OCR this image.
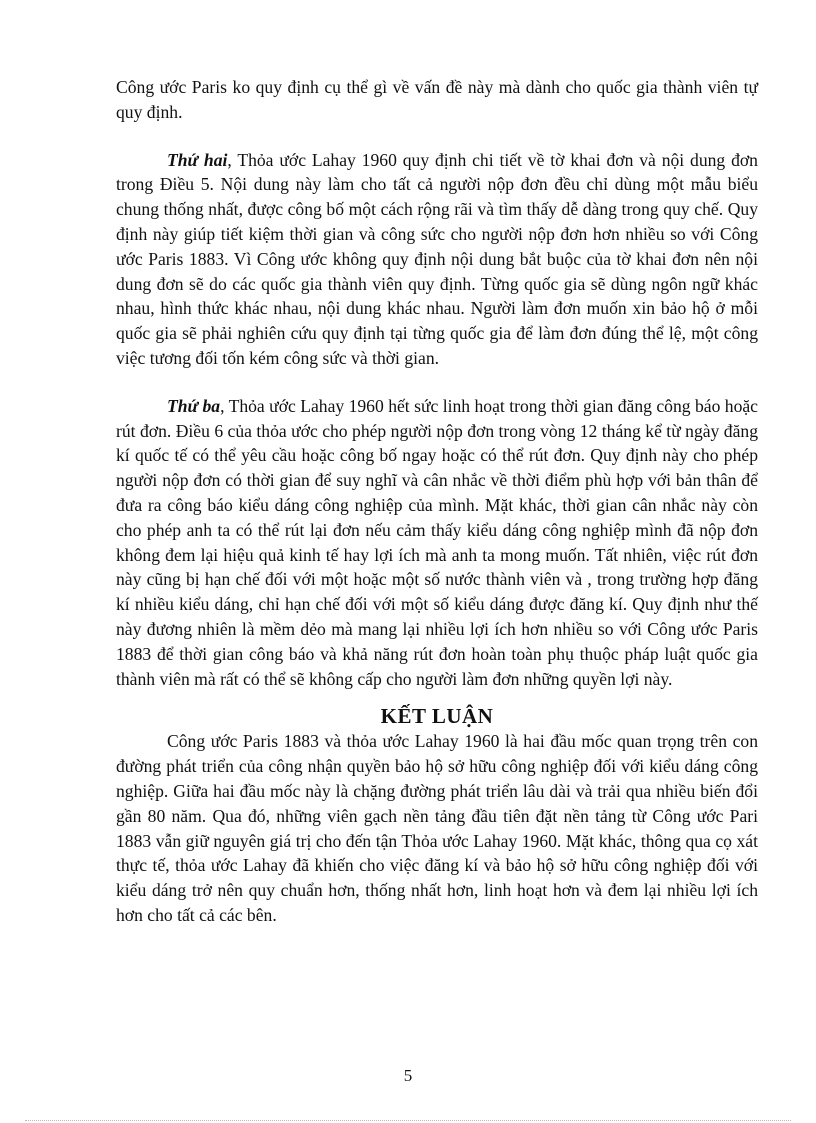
Công ước Paris ko quy định cụ thể gì về vấn đề này mà dành cho quốc gia thành viên tự quy định.

Thứ hai, Thỏa ước Lahay 1960 quy định chi tiết về tờ khai đơn và nội dung đơn trong Điều 5. Nội dung này làm cho tất cả người nộp đơn đều chỉ dùng một mẫu biểu chung thống nhất, được công bố một cách rộng rãi và tìm thấy dễ dàng trong quy chế. Quy định này giúp tiết kiệm thời gian và công sức cho người nộp đơn hơn nhiều so với Công ước Paris 1883. Vì Công ước không quy định nội dung bắt buộc của tờ khai đơn nên nội dung đơn sẽ do các quốc gia thành viên quy định. Từng quốc gia sẽ dùng ngôn ngữ khác nhau, hình thức khác nhau, nội dung khác nhau. Người làm đơn muốn xin bảo hộ ở mỗi quốc gia sẽ phải nghiên cứu quy định tại từng quốc gia để làm đơn đúng thể lệ, một công việc tương đối tốn kém công sức và thời gian.

Thứ ba, Thỏa ước Lahay 1960 hết sức linh hoạt trong thời gian đăng công báo hoặc rút đơn. Điều 6 của thỏa ước cho phép người nộp đơn trong vòng 12 tháng kể từ ngày đăng kí quốc tế có thể yêu cầu hoặc công bố ngay hoặc có thể rút đơn. Quy định này cho phép người nộp đơn có thời gian để suy nghĩ và cân nhắc về thời điểm phù hợp với bản thân để đưa ra công báo kiểu dáng công nghiệp của mình. Mặt khác, thời gian cân nhắc này còn cho phép anh ta có thể rút lại đơn nếu cảm thấy kiểu dáng công nghiệp mình đã nộp đơn không đem lại hiệu quả kinh tế hay lợi ích mà anh ta mong muốn. Tất nhiên, việc rút đơn này cũng bị hạn chế đối với một hoặc một số nước thành viên và , trong trường hợp đăng kí nhiều kiểu dáng, chỉ hạn chế đối với một số kiểu dáng được đăng kí. Quy định như thế này đương nhiên là mềm dẻo mà mang lại nhiều lợi ích hơn nhiều so với Công ước Paris 1883 để thời gian công báo và khả năng rút đơn hoàn toàn phụ thuộc pháp luật quốc gia thành viên mà rất có thể sẽ không cấp cho người làm đơn những quyền lợi này.

KẾT LUẬN

Công ước Paris 1883 và thỏa ước Lahay 1960 là hai đầu mốc quan trọng trên con đường phát triển của công nhận quyền bảo hộ sở hữu công nghiệp đối với kiểu dáng công nghiệp. Giữa hai đầu mốc này là chặng đường phát triển lâu dài và trải qua nhiều biến đổi gần 80 năm. Qua đó, những viên gạch nền tảng đầu tiên đặt nền tảng từ Công ước Pari 1883 vẫn giữ nguyên giá trị cho đến tận Thỏa ước Lahay 1960. Mặt khác, thông qua cọ xát thực tế, thỏa ước Lahay đã khiến cho việc đăng kí và bảo hộ sở hữu công nghiệp đối với kiểu dáng trở nên quy chuẩn hơn, thống nhất hơn, linh hoạt hơn và đem lại nhiều lợi ích hơn cho tất cả các bên.

5
